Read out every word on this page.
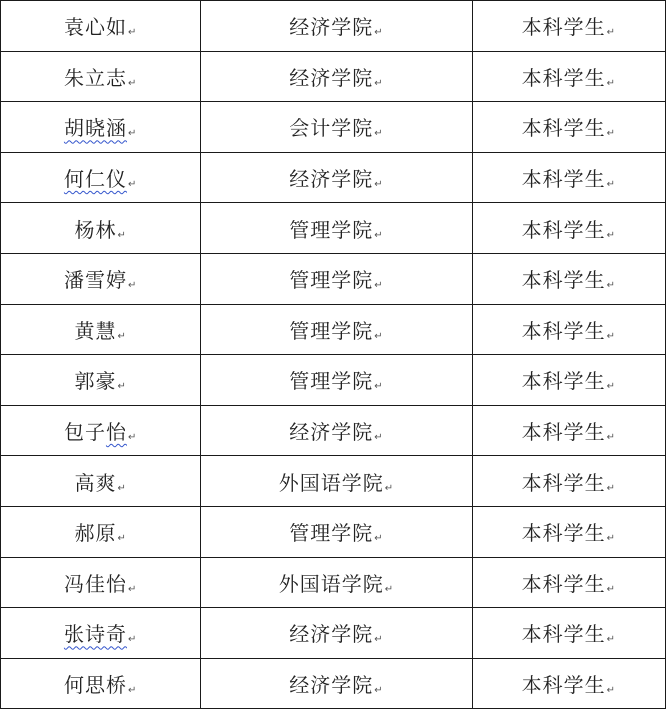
袁心如 ↵	经济学院 ↵	本科学生 ↵

朱立志 ↵	经济学院 ↵	本科学生 ↵

胡晓涵 ↵	会计学院 ↵	本科学生 ↵

何仁仪 ↵	经济学院 ↵	本科学生 ↵

杨林 ↵	管理学院 ↵	本科学生 ↵

潘雪婷 ↵	管理学院 ↵	本科学生 ↵

黄慧 ↵	管理学院 ↵	本科学生 ↵

郭豪 ↵	管理学院 ↵	本科学生 ↵

包子 怡 ↵	经济学院 ↵	本科学生 ↵

高爽 ↵	外国语学院 ↵	本科学生 ↵

郝原 ↵	管理学院 ↵	本科学生 ↵

冯佳怡 ↵	外国语学院 ↵	本科学生 ↵

张诗奇 ↵	经济学院 ↵	本科学生 ↵

何思桥 ↵	经济学院 ↵	本科学生 ↵
